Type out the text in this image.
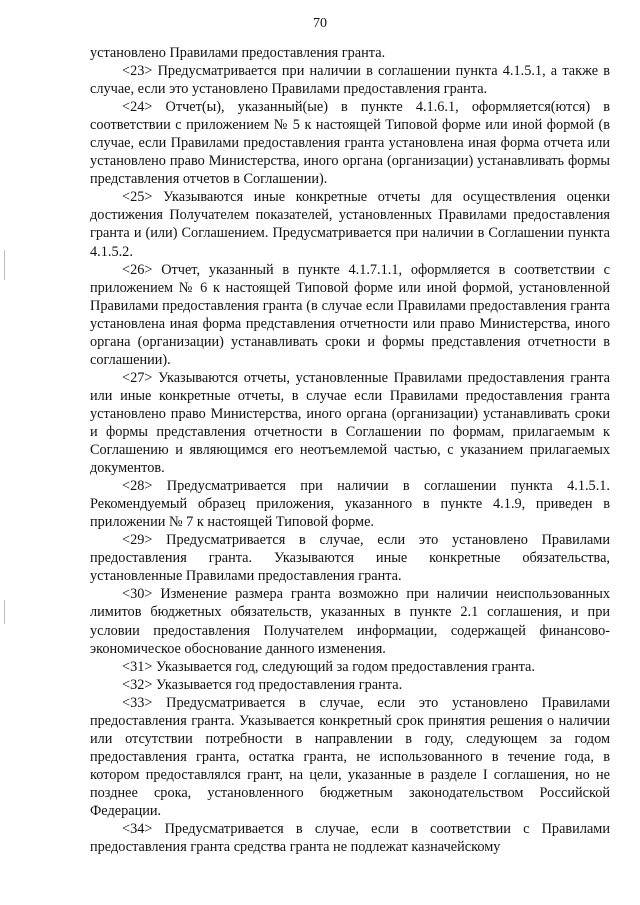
70

установлено Правилами предоставления гранта.

<23> Предусматривается при наличии в соглашении пункта 4.1.5.1, а также в случае, если это установлено Правилами предоставления гранта.

<24> Отчет(ы), указанный(ые) в пункте 4.1.6.1, оформляется(ются) в соответствии с приложением № 5 к настоящей Типовой форме или иной формой (в случае, если Правилами предоставления гранта установлена иная форма отчета или установлено право Министерства, иного органа (организации) устанавливать формы представления отчетов в Соглашении).

<25> Указываются иные конкретные отчеты для осуществления оценки достижения Получателем показателей, установленных Правилами предоставления гранта и (или) Соглашением. Предусматривается при наличии в Соглашении пункта 4.1.5.2.

<26> Отчет, указанный в пункте 4.1.7.1.1, оформляется в соответствии с приложением № 6 к настоящей Типовой форме или иной формой, установленной Правилами предоставления гранта (в случае если Правилами предоставления гранта установлена иная форма представления отчетности или право Министерства, иного органа (организации) устанавливать сроки и формы представления отчетности в соглашении).

<27> Указываются отчеты, установленные Правилами предоставления гранта или иные конкретные отчеты, в случае если Правилами предоставления гранта установлено право Министерства, иного органа (организации) устанавливать сроки и формы представления отчетности в Соглашении по формам, прилагаемым к Соглашению и являющимся его неотъемлемой частью, с указанием прилагаемых документов.

<28> Предусматривается при наличии в соглашении пункта 4.1.5.1. Рекомендуемый образец приложения, указанного в пункте 4.1.9, приведен в приложении № 7 к настоящей Типовой форме.

<29> Предусматривается в случае, если это установлено Правилами предоставления гранта. Указываются иные конкретные обязательства, установленные Правилами предоставления гранта.

<30> Изменение размера гранта возможно при наличии неиспользованных лимитов бюджетных обязательств, указанных в пункте 2.1 соглашения, и при условии предоставления Получателем информации, содержащей финансово-экономическое обоснование данного изменения.

<31> Указывается год, следующий за годом предоставления гранта.

<32> Указывается год предоставления гранта.

<33> Предусматривается в случае, если это установлено Правилами предоставления гранта. Указывается конкретный срок принятия решения о наличии или отсутствии потребности в направлении в году, следующем за годом предоставления гранта, остатка гранта, не использованного в течение года, в котором предоставлялся грант, на цели, указанные в разделе I соглашения, но не позднее срока, установленного бюджетным законодательством Российской Федерации.

<34> Предусматривается в случае, если в соответствии с Правилами предоставления гранта средства гранта не подлежат казначейскому
